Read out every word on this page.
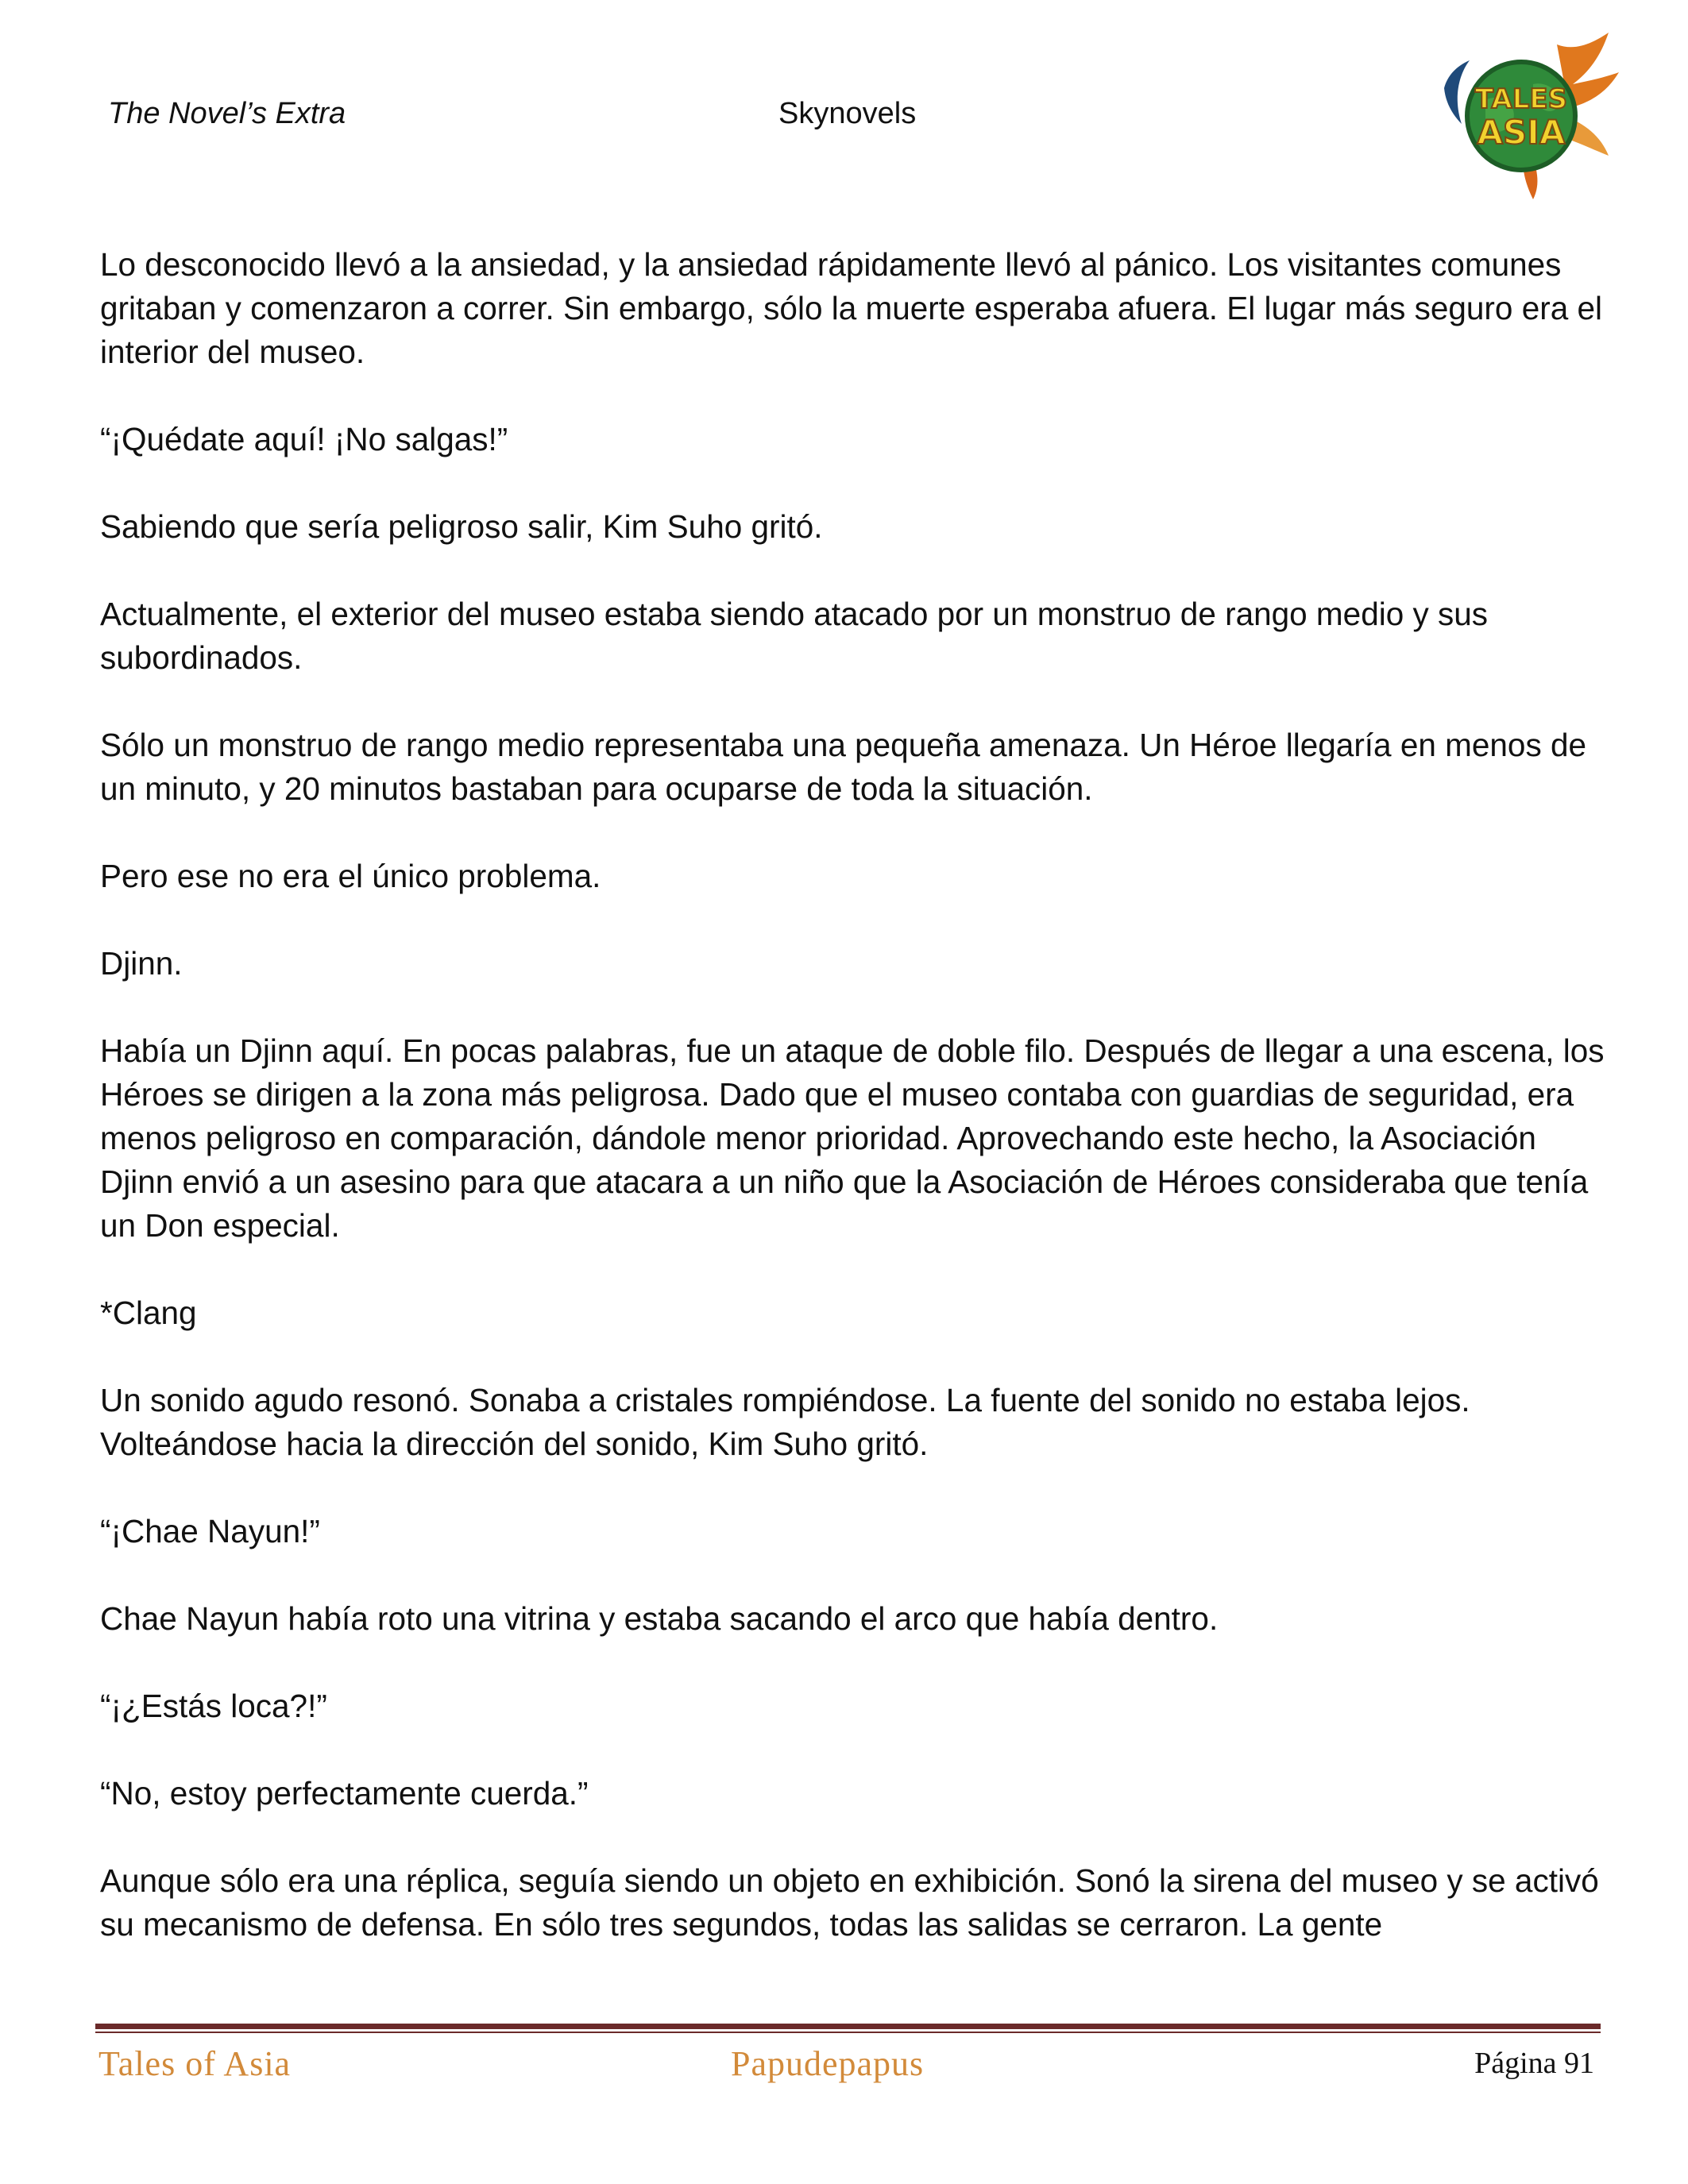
The Novel’s Extra	Skynovels	TALES
ASIA

Lo desconocido llevó a la ansiedad, y la ansiedad rápidamente llevó al pánico. Los visitantes comunes gritaban y comenzaron a correr. Sin embargo, sólo la muerte esperaba afuera. El lugar más seguro era el interior del museo.

“¡Quédate aquí! ¡No salgas!”

Sabiendo que sería peligroso salir, Kim Suho gritó.

Actualmente, el exterior del museo estaba siendo atacado por un monstruo de rango medio y sus subordinados.

Sólo un monstruo de rango medio representaba una pequeña amenaza. Un Héroe llegaría en menos de un minuto, y 20 minutos bastaban para ocuparse de toda la situación.

Pero ese no era el único problema.

Djinn.

Había un Djinn aquí. En pocas palabras, fue un ataque de doble filo. Después de llegar a una escena, los Héroes se dirigen a la zona más peligrosa. Dado que el museo contaba con guardias de seguridad, era menos peligroso en comparación, dándole menor prioridad. Aprovechando este hecho, la Asociación Djinn envió a un asesino para que atacara a un niño que la Asociación de Héroes consideraba que tenía un Don especial.

*Clang

Un sonido agudo resonó. Sonaba a cristales rompiéndose. La fuente del sonido no estaba lejos. Volteándose hacia la dirección del sonido, Kim Suho gritó.

“¡Chae Nayun!”

Chae Nayun había roto una vitrina y estaba sacando el arco que había dentro.

“¡¿Estás loca?!”

“No, estoy perfectamente cuerda.”

Aunque sólo era una réplica, seguía siendo un objeto en exhibición. Sonó la sirena del museo y se activó su mecanismo de defensa. En sólo tres segundos, todas las salidas se cerraron. La gente

Tales of Asia	Papudepapus	Página 91
